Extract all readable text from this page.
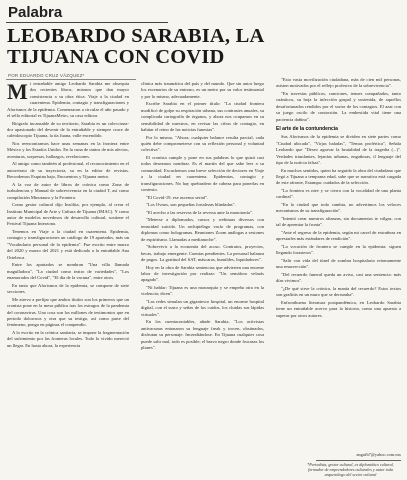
Palabra
LEOBARDO SARABIA, LA TIJUANA CON COVID
POR EDUARDO CRUZ VÁZQUEZ*

Mi entrañable amigo Leobardo Sarabia me obsequia dos recientes libros, mismos que dan mayor consistencia a su obra ética. Viaje a la ciudad en cuarentena. Epidemia, contagio y transfiguraciones y Aforismos de la epidemia. Comenzaron a circular el año pasado y el sello editorial es TijuanaMetro, su casa editora.

Biógrafo incansable de su territorio, Sarabia es un coleccionador apasionado del devenir de la entrañable y siempre cruce de caleidoscopio Tijuana, la tía Juana, valle encendido.

Nos reencontramos hace unas semanas en la frontera entre México y los Estados Unidos. En la cuna de tantos de mis afectos, aventuras, sorpresas, hallazgos, revelaciones.

Al amigo como también al profesional, el reconocimiento en el autoretrato de su trayectoria, su en la editor de revistas. Recordemos Esquina bajo, Encuentros y Tijuana metro.

A la voz de autor de libros de crónica como Zona de turbulencias y Manual de sobrevivencia en la ciudad T, así como compilación Minotauro y la Frontera.

Como gestor cultural dijo Insólita, por ejemplo, al crear el Instituto Municipal de Arte y Cultura de Tijuana (IMAC). Y como autor de modelos novedosos de desarrollo cultural, sostiene el Festival Tijuana Interzona.

Tenemos en Viaje a la ciudad en cuarentena. Epidemia, contagio y transfiguraciones un catálogo de 19 apartados, más un "Vocabulario personal de la epidemia". Fue escrito entre marzo del 2020 y marzo del 2021 y está dedicado a la entrañable Ana Ortelesca.

Entre los apartados se nombran "Una villa llamada magulladora", "La ciudad como teatro de variedades", "Los enamorados del Covid", "El día de la vacuna", entre otros.

En tanto que Aforismos de la epidemia, se compone de siete secciones.

Me atrevo a prefijar que ambos títulos son los primeros que un cronista pone en la mesa pública tras los estragos de la pandemia del coronavirus. Una cosa son los millones de testimonios que en periodo dolorosos y otra que su testigo, así como parte del fenómeno, ponga en páginas el compendio.

A lo escrito en la crónica sanitaria, se impone la fragmentación del sufrimiento por las fronteras locales. Todo lo vivido mereció un llegar. En hasta ahora, la experiencia

clínica más traumática del país y del mundo. Que sin autor luego los escenarios de su entorno, es un metro por su valor testimonial y por lo mismo, adecuadamente.

Escribe Sarabia en el primer título: "La ciudad frontera modificó de golpe su respiración urbana, sus contrastes anuales, su complicada cartografía de órganos, y ahora nos ocupamos en su sensibilidad de nuestros, en revisar las cifras de contagio, en habitar el reino de las noticias funestas".

Por lo mismo, "Ahora, cualquier balance resulta parcial, cada quién debe comprometerse con su reflexión personal y voluntad colectiva".

El cronista cumple y pone en sus palabras lo que quizá casi todos deseamos nombrar. Es el martín del que sabe leer a su comunidad. Escuchemos una breve selección de dectores en Viaje a la ciudad en cuarentena. Epidemias, contagio y transfiguraciones. No hay quebradero de cabeza para ponerlas en contexto.

"El Covid-19, ese ascenso serial".

"Los Ovnos, son pequeñas fortalezas blindadas".

"El acecho a las reservas de la reversa ante la monotonía".

"Meterse a diplomados, cursos y webinars diversos con tenacidad suicida. Un archipiélago vacío de programas, con diplomas como hologramas. Reuniones Zoom análogas a sesiones de espiritismo. Llamadas a medianoche".

"Sobrevivir a la economía del acoso. Contratos, proyectos, becas, trabajo emergente. Cuentas pendientes. La personal balanza de pagos. La gratitud del SAT, máscaras, humildes, liquidadores".

Hoy en la obra de Sarabia sentencias que advierten una enorme labor de investigación por realizar: "Un semáforo velarás apagado".

"Ni hablar: Tijuana es una monarquía y se empeña otra en la violencia; dicen".

"Las redes simulan un gigantesco hospital, un enorme hospital digital, con el susto y señas de los cuidos, los cluidas sus lápidas virtuales".

En los cuentacontables, añade Sarabia, "Los activistas antivacunas entonaron su lenguaje freak y torcen, obstinados, disfrutan su personaje. Incendiándose. En Tijuana cualquier cosa puede salir mal, todo es posible; el bravo negro donde frucasas los planes".

"Esta vasta movilización ciudadana, más de cien mil personas, asisten motivados por el reflejo profesivo de la sobrevivencia".

"En travesías públicos, canciones, tenues compañados, tanto cuánticos, su hoja la infección grupal y sostenida, de aquellos desafortunados rendidos por el sortor de los contagios. El azar con su juego oscilo de contorsión. La embestida vital tiene una paciencia dañina".

El arte de la contundencia

Sus Aforismos de la epidemia se dividen en siete partes como "Ciudad ubicada", "Virjas baladas", "Temas profértica", Señala Leobardo que "Deseo agravar la brutalidad de la tragedia (...)". Verdades triunfantes, lejanías urbanas, engañosas, il lenguaje del tipo de la noticia falsas".

En muchos sentidos, quien ha seguido la obra del ciudadano que llegó a Tijuana a temprana edad, sabe que se narrativa está cargada de este afronte, Estampa: cuidados de la selección.

"La frontera es niev y se cierra con la vocalidad de una planta cardinal".

"En la ciudad que todo cambia, no advertimos los veloces mecanismos de su transfiguración".

"Intentó crear nuestros afianzas, sin documentos te válgas, con tal de apremiar la fronta".

"Ante el regreso de la epidemia, según mi carrel de extrañeza en aprestarles más estándares de rendición".

"La vocación de frontera se cumple en la epidemia: siguen llegando forasteros".

"Salir con vida del túnel de sombra hospitalario retomamente una resurrección".

"Del recuerdo funeral queda un aviso, casi una sentencia: más días vivimos".

"¿De qué sirve la crónica, la manía del recuerdo? Estos textos son grafittis en un muro que se derrumba".

Enfrontbuena literatura postpandémica, en Leobardo Sarabia tiene un entrañable acervo para la historia, como una apuesta a superar por otros autores.

angufb7@yahoo.com.mx
*Periodista, gestor cultural, ex diplomático cultural, formador de emprendedores culturales y autor toda arquenologo del sector cultural
